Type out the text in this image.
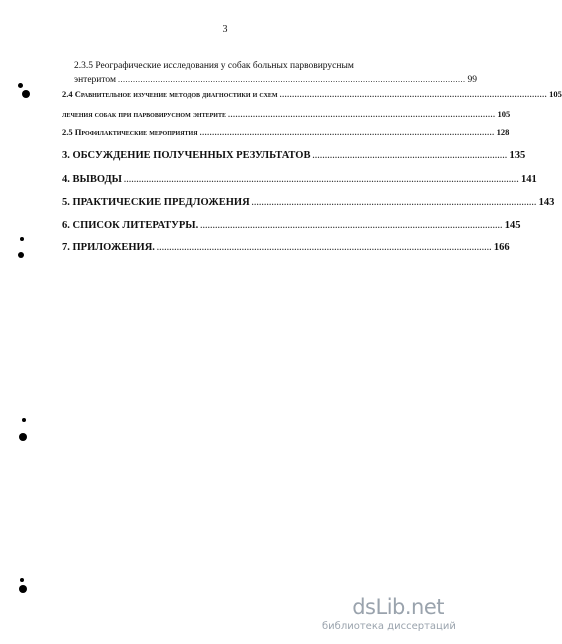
3
2.3.5 Реографические исследования у собак больных парвовирусным
энтеритом ........................................................................................................................................... 99
2.4 Сравнительное изучение методов диагностики и схем ........................................................................................................... 105
лечения собак при парвовирусном энтерите ........................................................................................................... 105
2.5 Профилактические мероприятия ...................................................................................................................... 128
3. ОБСУЖДЕНИЕ ПОЛУЧЕННЫХ РЕЗУЛЬТАТОВ .............................................................................. 135
4. ВЫВОДЫ .............................................................................................................................................................. 141
5. ПРАКТИЧЕСКИЕ ПРЕДЛОЖЕНИЯ .................................................................................................................. 143
6. СПИСОК ЛИТЕРАТУРЫ. ......................................................................................................................... 145
7. ПРИЛОЖЕНИЯ. ...................................................................................................................................... 166
dsLib.net
библиотека диссертаций
